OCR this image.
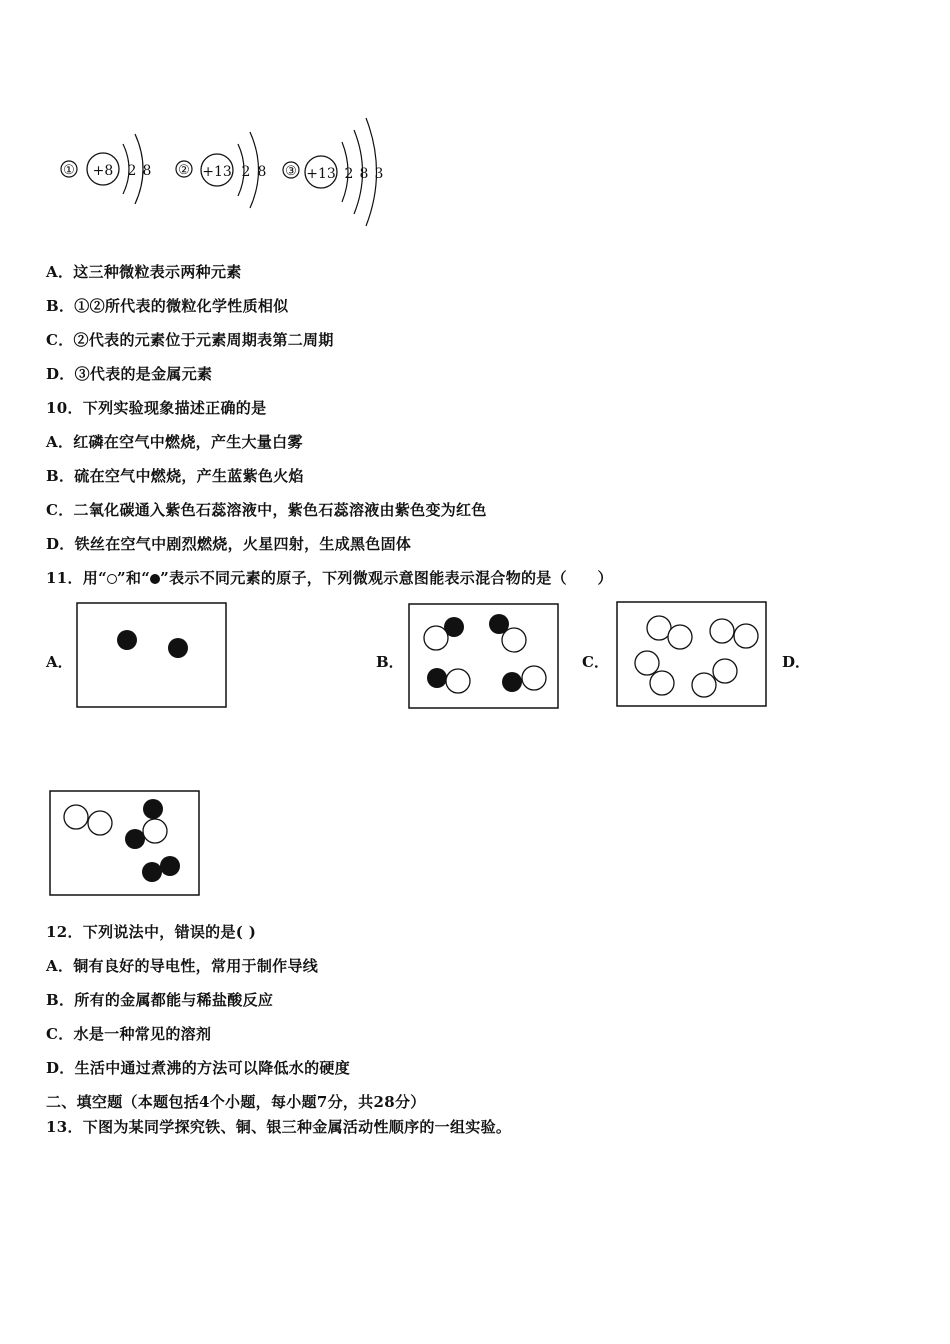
① +8 2 8 ② +13 2 8 ③ +13 2 8 3
A．这三种微粒表示两种元素
B．①②所代表的微粒化学性质相似
C．②代表的元素位于元素周期表第二周期
D．③代表的是金属元素
10．下列实验现象描述正确的是
A．红磷在空气中燃烧，产生大量白雾
B．硫在空气中燃烧，产生蓝紫色火焰
C．二氧化碳通入紫色石蕊溶液中，紫色石蕊溶液由紫色变为红色
D．铁丝在空气中剧烈燃烧，火星四射，生成黑色固体
11．用“ ”和“ ”表示不同元素的原子，下列微观示意图能表示混合物的是（　　）
A．	B．	C．	D．
12．下列说法中，错误的是( )
A．铜有良好的导电性，常用于制作导线
B．所有的金属都能与稀盐酸反应
C．水是一种常见的溶剂
D．生活中通过煮沸的方法可以降低水的硬度
二、填空题（本题包括4个小题，每小题7分，共28分）
13．下图为某同学探究铁、铜、银三种金属活动性顺序的一组实验。
